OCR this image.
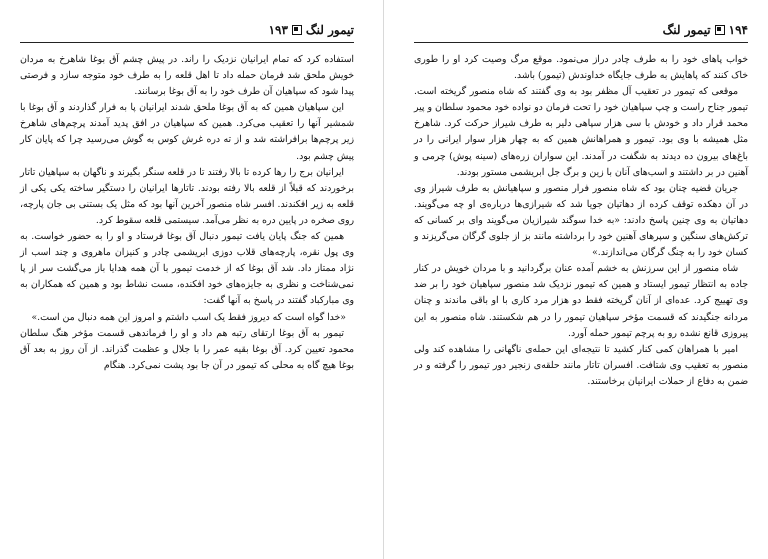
تیمور لنگ
۱۹۳

استفاده کرد که تمام ایرانیان نزدیک را راند. در پیش چشم آق بوغا شاهرخ به مردان خویش ملحق شد فرمان حمله داد تا اهل قلعه را به طرف خود متوجه سازد و فرصتی پیدا شود که سپاهیان آن طرف خود را به آق بوغا برسانند.

این سپاهیان همین که به آق بوغا ملحق شدند ایرانیان پا به فرار گذاردند و آق بوغا با شمشیر آنها را تعقیب می‌کرد. همین که سپاهیان در افق پدید آمدند پرچم‌های شاهرخ زیر پرچم‌ها برافراشته شد و از ته دره غرش کوس به گوش می‌رسید چرا که پایان کار پیش چشم بود.

ایرانیان برج را رها کرده تا بالا رفتند تا در قلعه سنگر بگیرند و ناگهان به سپاهیان تاتار برخوردند که قبلاً از قلعه بالا رفته بودند. تاتارها ایرانیان را دستگیر ساخته یکی یکی از قلعه به زیر افکندند. افسر شاه منصور آخرین آنها بود که مثل یک بستنی بی جان پارچه، روی صخره در پایین دره به نظر می‌آمد. سیستمی قلعه سقوط کرد.

همین که جنگ پایان یافت تیمور دنبال آق بوغا فرستاد و او را به حضور خواست. به وی پول نقره، پارچه‌های قلاب دوزی ابریشمی چادر و کنیزان ماهروی و چند اسب از نژاد ممتاز داد. شد آق بوغا که از خدمت تیمور با آن همه هدایا باز می‌گشت سر از پا نمی‌شناخت و نظری به جایزه‌های خود افکنده، مست نشاط بود و همین که همکاران به وی مبارکباد گفتند در پاسخ به آنها گفت:

«خدا گواه است که دیروز فقط یک اسب داشتم و امروز این همه دنبال من است.»

تیمور به آق بوغا ارتقای رتبه هم داد و او را فرماندهی قسمت مؤخر هنگ سلطان محمود تعیین کرد. آق بوغا بقیه عمر را با جلال و عظمت گذراند. از آن روز به بعد آق بوغا هیچ گاه به محلی که تیمور در آن جا بود پشت نمی‌کرد. هنگام

۱۹۴
تیمور لنگ

خواب پاهای خود را به طرف چادر دراز می‌نمود. موقع مرگ وصیت کرد او را طوری خاک کنند که پاهایش به طرف جایگاه خداوندش (تیمور) باشد.

موقعی که تیمور در تعقیب آل مظفر بود به وی گفتند که شاه منصور گریخته است. تیمور جناح راست و چپ سپاهیان خود را تحت فرمان دو نواده خود محمود سلطان و پیر محمد قرار داد و خودش با سی هزار سپاهی دلیر به طرف شیراز حرکت کرد. شاهرخ مثل همیشه با وی بود. تیمور و همراهانش همین که به چهار هزار سوار ایرانی را در باغ‌های بیرون ده دیدند به شگفت در آمدند. این سواران زره‌های (سینه پوش) چرمی و آهنین در بر داشتند و اسب‌های آنان با زین و برگ جل ابریشمی مستور بودند.

جریان قضیه چنان بود که شاه منصور فرار منصور و سپاهیانش به طرف شیراز وی در آن دهکده توقف کرده از دهاتیان جویا شد که شیرازی‌ها درباره‌ی او چه می‌گویند. دهاتیان به وی چنین پاسخ دادند: «به خدا سوگند شیرازیان می‌گویند وای بر کسانی که ترکش‌های سنگین و سپرهای آهنین خود را برداشته مانند بز از جلوی گرگان می‌گریزند و کسان خود را به چنگ گرگان می‌اندازند.»

شاه منصور از این سرزنش به خشم آمده عنان برگردانید و با مردان خویش در کنار جاده به انتظار تیمور ایستاد و همین که تیمور نزدیک شد منصور سپاهیان خود را بر ضد وی تهییج کرد. عده‌ای از آنان گریخته فقط دو هزار مرد کاری با او باقی ماندند و چنان مردانه جنگیدند که قسمت مؤخر سپاهیان تیمور را در هم شکستند. شاه منصور به این پیروزی قانع نشده رو به پرچم تیمور حمله آورد.

امیر با همراهان کمی کنار کشید تا نتیجه‌ای این حمله‌ی ناگهانی را مشاهده کند ولی منصور به تعقیب وی شتافت. افسران تاتار مانند حلقه‌ی زنجیر دور تیمور را گرفته و در ضمن به دفاع از حملات ایرانیان برخاستند.
